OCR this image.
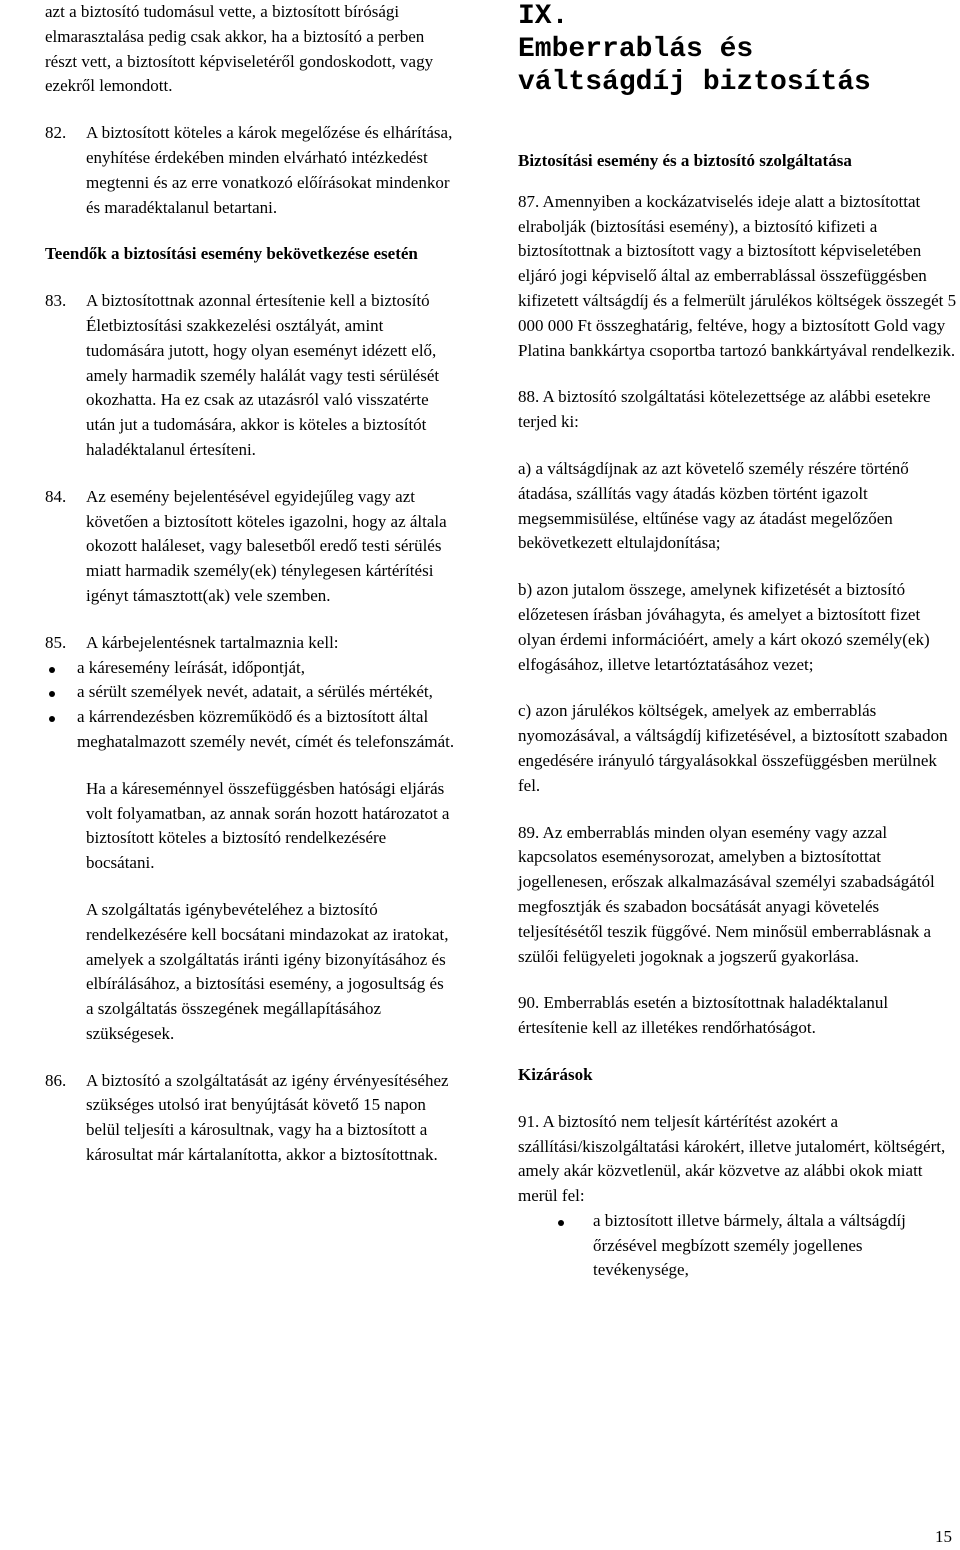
azt a biztosító tudomásul vette, a biztosított bírósági elmarasztalása pedig csak akkor, ha a biztosító a perben részt vett, a biztosított képviseletéről gondoskodott, vagy ezekről lemondott.

82.	A biztosított köteles a károk megelőzése és elhárítása, enyhítése érdekében minden elvárható intézkedést megtenni és az erre vonatkozó előírásokat mindenkor és maradéktalanul betartani.

Teendők a biztosítási esemény bekövetkezése esetén

83.	A biztosítottnak azonnal értesítenie kell a biztosító Életbiztosítási szakkezelési osztályát, amint tudomására jutott, hogy olyan eseményt idézett elő, amely harmadik személy halálát vagy testi sérülését okozhatta. Ha ez csak az utazásról való visszatérte után jut a tudomására, akkor is köteles a biztosítót haladéktalanul értesíteni.
84.	Az esemény bejelentésével egyidejűleg vagy azt követően a biztosított köteles igazolni, hogy az általa okozott haláleset, vagy balesetből eredő testi sérülés miatt harmadik személy(ek) ténylegesen kártérítési igényt támasztott(ak) vele szemben.
85.	A kárbejelentésnek tartalmaznia kell:
a káresemény leírását, időpontját,
a sérült személyek nevét, adatait, a sérülés mértékét,
a kárrendezésben közreműködő és a biztosított által meghatalmazott személy nevét, címét és telefonszámát.

Ha a káreseménnyel összefüggésben hatósági eljárás volt folyamatban, az annak során hozott határozatot a biztosított köteles a biztosító rendelkezésére bocsátani.

A szolgáltatás igénybevételéhez a biztosító rendelkezésére kell bocsátani mindazokat az iratokat, amelyek a szolgáltatás iránti igény bizonyításához és elbírálásához, a biztosítási esemény, a jogosultság és a szolgáltatás összegének megállapításához szükségesek.

86.	A biztosító a szolgáltatását az igény érvényesítéséhez szükséges utolsó irat benyújtását követő 15 napon belül teljesíti a károsultnak, vagy ha a biztosított a károsultat már kártalanította, akkor a biztosítottnak.

IX.

Emberrablás és váltságdíj biztosítás

Biztosítási esemény és a biztosító szolgáltatása

87. Amennyiben a kockázatviselés ideje alatt a biztosítottat elrabolják (biztosítási esemény), a biztosító kifizeti a biztosítottnak a biztosított vagy a biztosított képviseletében eljáró jogi képviselő által az emberrablással összefüggésben kifizetett váltságdíj és a felmerült járulékos költségek összegét 5 000 000 Ft összeghatárig, feltéve, hogy a biztosított Gold vagy Platina bankkártya csoportba tartozó bankkártyával rendelkezik.

88. A biztosító szolgáltatási kötelezettsége az alábbi esetekre terjed ki:

a) a váltságdíjnak az azt követelő személy részére történő átadása, szállítás vagy átadás közben történt igazolt megsemmisülése, eltűnése vagy az átadást megelőzően bekövetkezett eltulajdonítása;

b) azon jutalom összege, amelynek kifizetését a biztosító előzetesen írásban jóváhagyta, és amelyet a biztosított fizet olyan érdemi információért, amely a kárt okozó személy(ek) elfogásához, illetve letartóztatásához vezet;

c) azon járulékos költségek, amelyek az emberrablás nyomozásával, a váltságdíj kifizetésével, a biztosított szabadon engedésére irányuló tárgyalásokkal összefüggésben merülnek fel.

89. Az emberrablás minden olyan esemény vagy azzal kapcsolatos eseménysorozat, amelyben a biztosítottat jogellenesen, erőszak alkalmazásával személyi szabadságától megfosztják és szabadon bocsátását anyagi követelés teljesítésétől teszik függővé. Nem minősül emberrablásnak a szülői felügyeleti jogoknak a jogszerű gyakorlása.

90. Emberrablás esetén a biztosítottnak haladéktalanul értesítenie kell az illetékes rendőrhatóságot.

Kizárások

91. A biztosító nem teljesít kártérítést azokért a szállítási/kiszolgáltatási károkért, illetve jutalomért, költségért, amely akár közvetlenül, akár közvetve az alábbi okok miatt merül fel:

a biztosított illetve bármely, általa a váltságdíj őrzésével megbízott személy jogellenes tevékenysége,
15
